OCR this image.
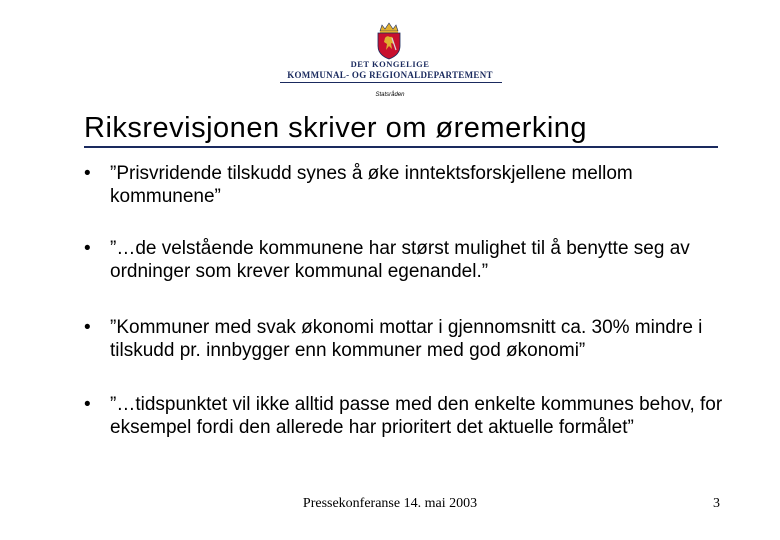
DET KONGELIGE
KOMMUNAL- OG REGIONALDEPARTEMENT
Statsråden
Riksrevisjonen skriver om øremerking
• ”Prisvridende tilskudd synes å øke inntektsforskjellene mellom kommunene”
• ”…de velstående kommunene har størst mulighet til å benytte seg av ordninger som krever kommunal egenandel.”
• ”Kommuner med svak økonomi mottar i gjennomsnitt ca. 30% mindre i tilskudd pr. innbygger enn kommuner med god økonomi”
• ”…tidspunktet vil ikke alltid passe med den enkelte kommunes behov, for eksempel fordi den allerede har prioritert det aktuelle formålet”
Pressekonferanse 14. mai 2003	3
